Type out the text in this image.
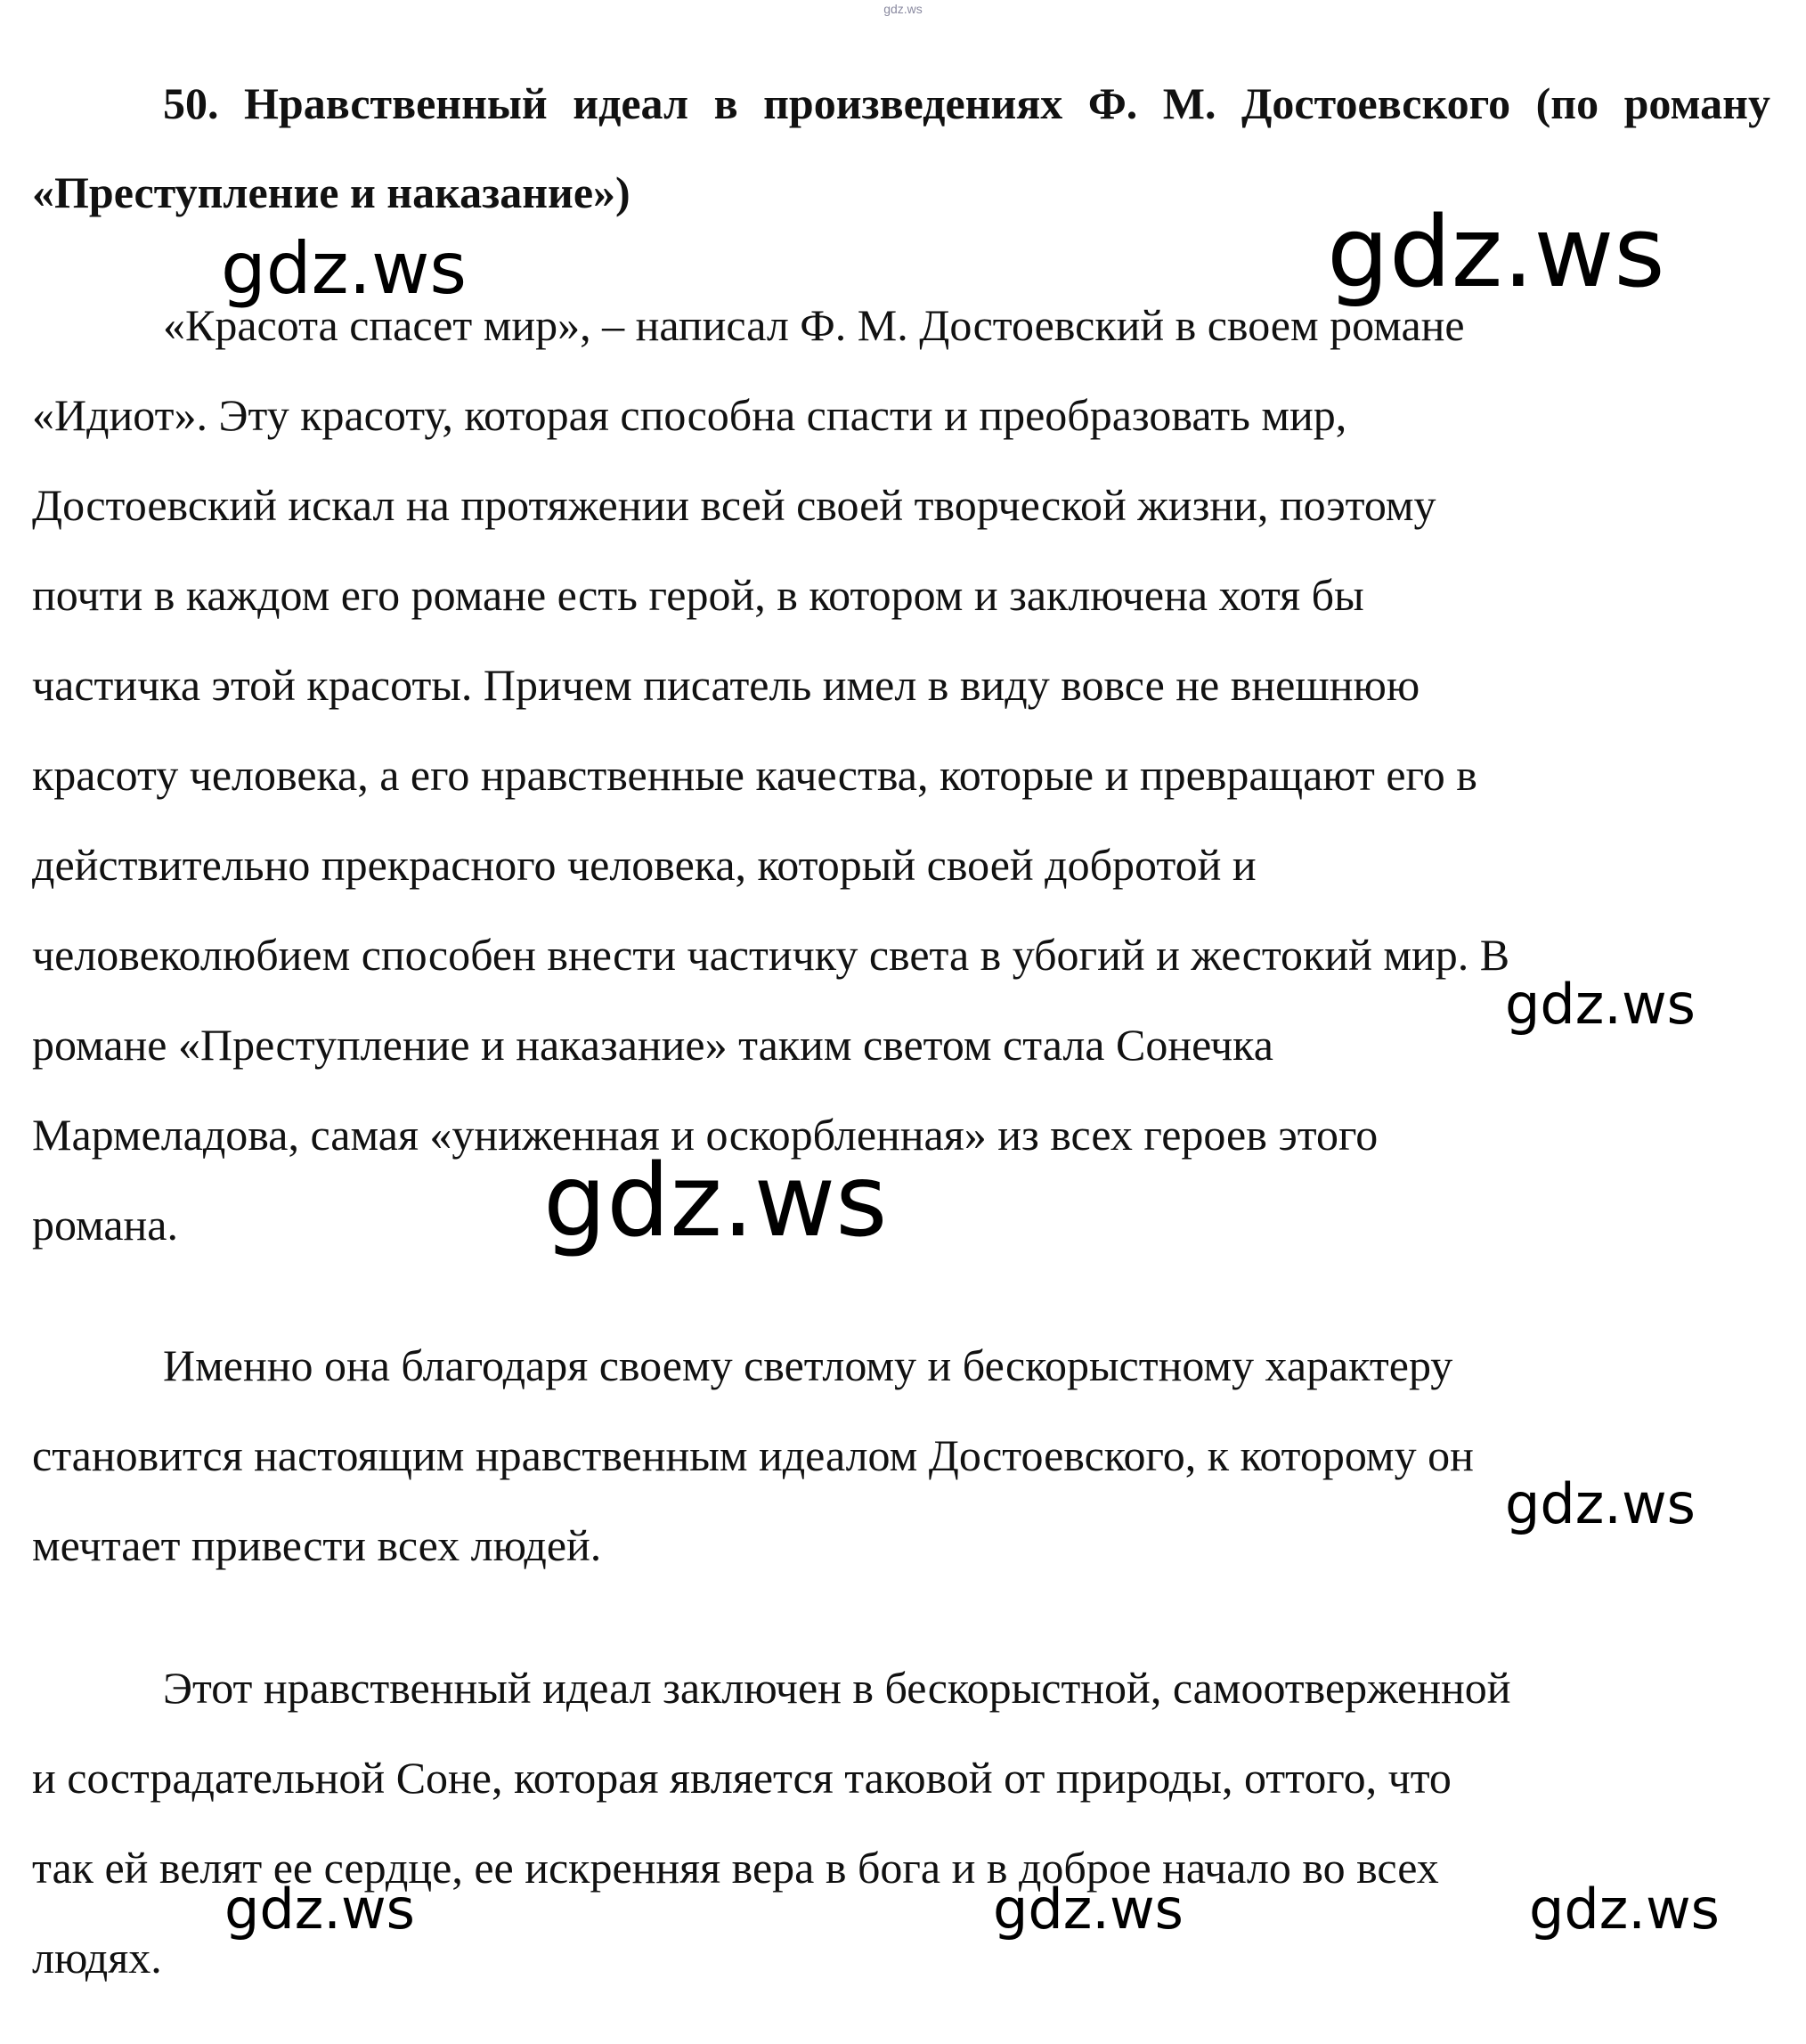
gdz.ws
50. Нравственный идеал в произведениях Ф. М. Достоевского (по роману «Преступление и наказание»)

«Красота спасет мир», – написал Ф. М. Достоевский в своем романе
«Идиот». Эту красоту, которая способна спасти и преобразовать мир,
Достоевский искал на протяжении всей своей творческой жизни, поэтому
почти в каждом его романе есть герой, в котором и заключена хотя бы
частичка этой красоты. Причем писатель имел в виду вовсе не внешнюю
красоту человека, а его нравственные качества, которые и превращают его в
действительно прекрасного человека, который своей добротой и
человеколюбием способен внести частичку света в убогий и жестокий мир. В
романе «Преступление и наказание» таким светом стала Сонечка
Мармеладова, самая «униженная и оскорбленная» из всех героев этого
романа.

Именно она благодаря своему светлому и бескорыстному характеру
становится настоящим нравственным идеалом Достоевского, к которому он
мечтает привести всех людей.

Этот нравственный идеал заключен в бескорыстной, самоотверженной
и сострадательной Соне, которая является таковой от природы, оттого, что
так ей велят ее сердце, ее искренняя вера в бога и в доброе начало во всех
людях.

gdz.ws	gdz.ws
gdz.ws
gdz.ws
gdz.ws
gdz.ws	gdz.ws	gdz.ws
